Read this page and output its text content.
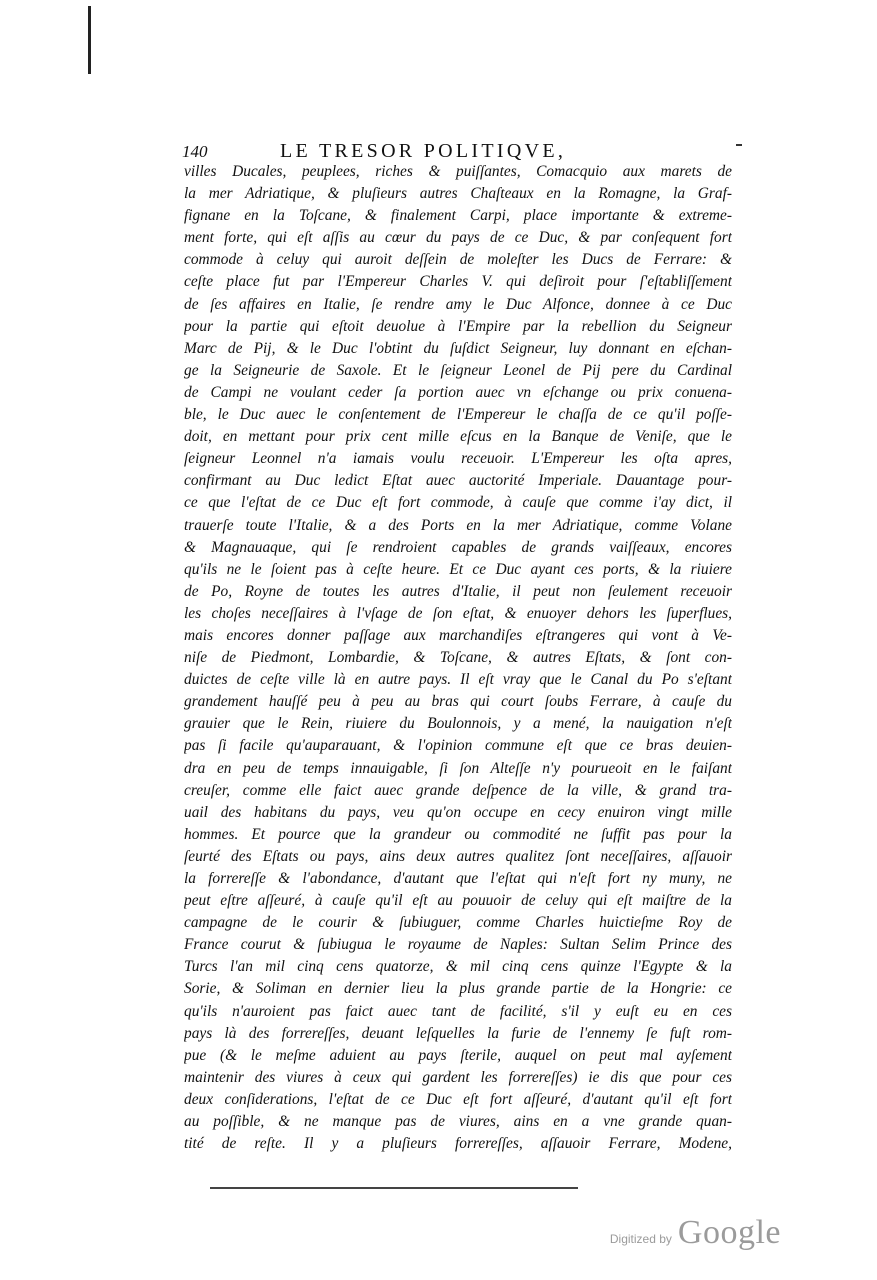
140	LE TRESOR POLITIQVE,
villes Ducales, peuplees, riches & puiſſantes, Comacquio aux marets de
la mer Adriatique, & pluſieurs autres Chaſteaux en la Romagne, la Graf-
fignane en la Toſcane, & finalement Carpi, place importante & extreme-
ment forte, qui eſt aſſis au cœur du pays de ce Duc, & par conſequent fort
commode à celuy qui auroit deſſein de moleſter les Ducs de Ferrare: &
ceſte place fut par l'Empereur Charles V. qui deſiroit pour ſ'eſtabliſſement
de ſes affaires en Italie, ſe rendre amy le Duc Alfonce, donnee à ce Duc
pour la partie qui eſtoit deuolue à l'Empire par la rebellion du Seigneur
Marc de Pij, & le Duc l'obtint du ſuſdict Seigneur, luy donnant en eſchan-
ge la Seigneurie de Saxole. Et le ſeigneur Leonel de Pij pere du Cardinal
de Campi ne voulant ceder ſa portion auec vn eſchange ou prix conuena-
ble, le Duc auec le conſentement de l'Empereur le chaſſa de ce qu'il poſſe-
doit, en mettant pour prix cent mille eſcus en la Banque de Veniſe, que le
ſeigneur Leonnel n'a iamais voulu receuoir. L'Empereur les oſta apres,
confirmant au Duc ledict Eſtat auec auctorité Imperiale. Dauantage pour-
ce que l'eſtat de ce Duc eſt fort commode, à cauſe que comme i'ay dict, il
trauerſe toute l'Italie, & a des Ports en la mer Adriatique, comme Volane
& Magnauaque, qui ſe rendroient capables de grands vaiſſeaux, encores
qu'ils ne le ſoient pas à ceſte heure. Et ce Duc ayant ces ports, & la riuiere
de Po, Royne de toutes les autres d'Italie, il peut non ſeulement receuoir
les choſes neceſſaires à l'vſage de ſon eſtat, & enuoyer dehors les ſuperflues,
mais encores donner paſſage aux marchandiſes eſtrangeres qui vont à Ve-
niſe de Piedmont, Lombardie, & Toſcane, & autres Eſtats, & ſont con-
duictes de ceſte ville là en autre pays. Il eſt vray que le Canal du Po s'eſtant
grandement hauſſé peu à peu au bras qui court ſoubs Ferrare, à cauſe du
grauier que le Rein, riuiere du Boulonnois, y a mené, la nauigation n'eſt
pas ſi facile qu'auparauant, & l'opinion commune eſt que ce bras deuien-
dra en peu de temps innauigable, ſi ſon Alteſſe n'y pourueoit en le faiſant
creuſer, comme elle faict auec grande deſpence de la ville, & grand tra-
uail des habitans du pays, veu qu'on occupe en cecy enuiron vingt mille
hommes. Et pource que la grandeur ou commodité ne ſuffit pas pour la
ſeurté des Eſtats ou pays, ains deux autres qualitez ſont neceſſaires, aſſauoir
la forrereſſe & l'abondance, d'autant que l'eſtat qui n'eſt fort ny muny, ne
peut eſtre aſſeuré, à cauſe qu'il eſt au pouuoir de celuy qui eſt maiſtre de la
campagne de le courir & ſubiuguer, comme Charles huictieſme Roy de
France courut & ſubiugua le royaume de Naples: Sultan Selim Prince des
Turcs l'an mil cinq cens quatorze, & mil cinq cens quinze l'Egypte & la
Sorie, & Soliman en dernier lieu la plus grande partie de la Hongrie: ce
qu'ils n'auroient pas faict auec tant de facilité, s'il y euſt eu en ces
pays là des forrereſſes, deuant leſquelles la furie de l'ennemy ſe fuſt rom-
pue (& le meſme aduient au pays ſterile, auquel on peut mal ayſement
maintenir des viures à ceux qui gardent les forrereſſes) ie dis que pour ces
deux conſiderations, l'eſtat de ce Duc eſt fort aſſeuré, d'autant qu'il eſt fort
au poſſible, & ne manque pas de viures, ains en a vne grande quan-
tité de reſte. Il y a pluſieurs forrereſſes, aſſauoir Ferrare, Modene,
Digitized by Google
